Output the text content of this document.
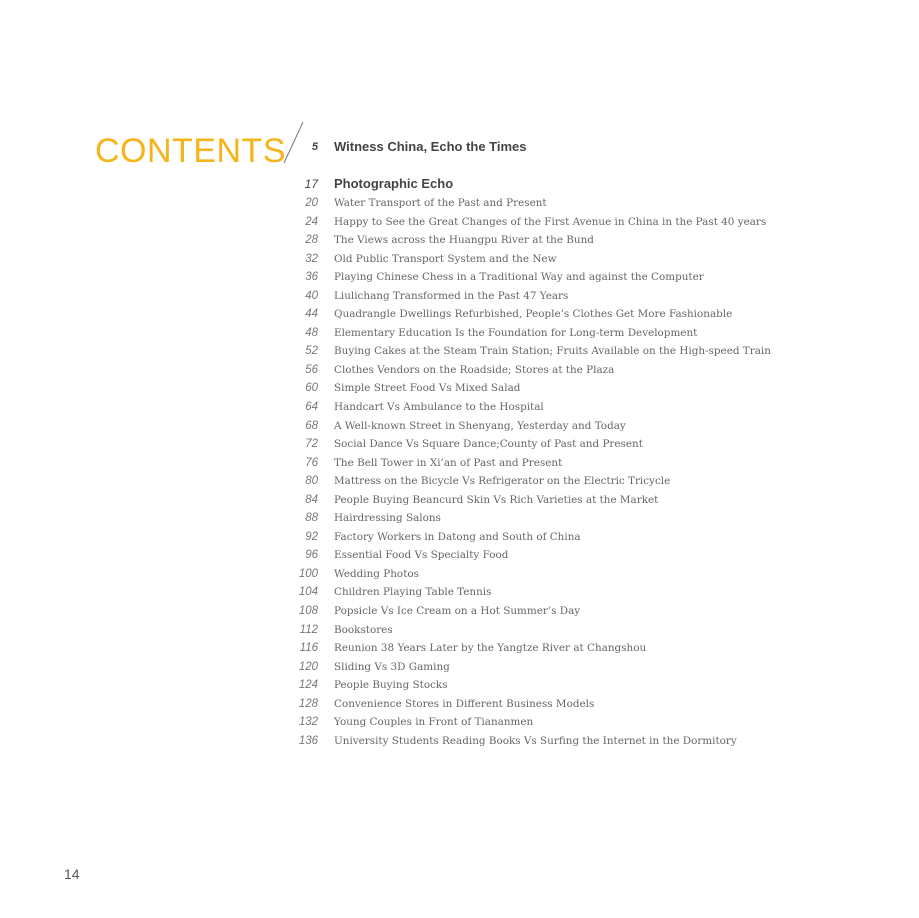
CONTENTS	5 Witness China, Echo the Times
17 Photographic Echo
20 Water Transport of the Past and Present
24 Happy to See the Great Changes of the First Avenue in China in the Past 40 years
28 The Views across the Huangpu River at the Bund
32 Old Public Transport System and the New
36 Playing Chinese Chess in a Traditional Way and against the Computer
40 Liulichang Transformed in the Past 47 Years
44 Quadrangle Dwellings Refurbished, People’s Clothes Get More Fashionable
48 Elementary Education Is the Foundation for Long-term Development
52 Buying Cakes at the Steam Train Station; Fruits Available on the High-speed Train
56 Clothes Vendors on the Roadside; Stores at the Plaza
60 Simple Street Food Vs Mixed Salad
64 Handcart Vs Ambulance to the Hospital
68 A Well-known Street in Shenyang, Yesterday and Today
72 Social Dance Vs Square Dance;County of Past and Present
76 The Bell Tower in Xi’an of Past and Present
80 Mattress on the Bicycle Vs Refrigerator on the Electric Tricycle
84 People Buying Beancurd Skin Vs Rich Varieties at the Market
88 Hairdressing Salons
92 Factory Workers in Datong and South of China
96 Essential Food Vs Specialty Food
100 Wedding Photos
104 Children Playing Table Tennis
108 Popsicle Vs Ice Cream on a Hot Summer’s Day
112 Bookstores
116 Reunion 38 Years Later by the Yangtze River at Changshou
120 Sliding Vs 3D Gaming
124 People Buying Stocks
128 Convenience Stores in Different Business Models
132 Young Couples in Front of Tiananmen
136 University Students Reading Books Vs Surfing the Internet in the Dormitory
14
